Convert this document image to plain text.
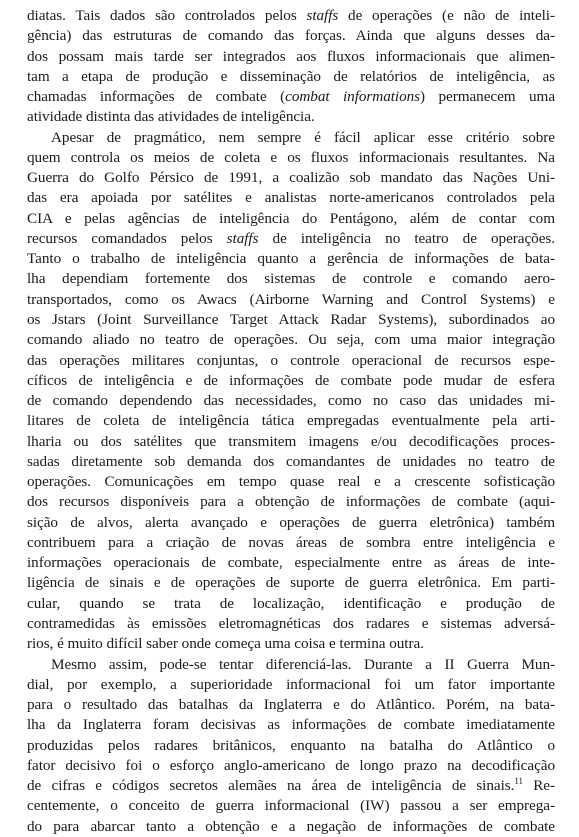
diatas. Tais dados são controlados pelos staffs de operações (e não de inteli-
gência) das estruturas de comando das forças. Ainda que alguns desses da-
dos possam mais tarde ser integrados aos fluxos informacionais que alimen-
tam a etapa de produção e disseminação de relatórios de inteligência, as
chamadas informações de combate (combat informations) permanecem uma
atividade distinta das atividades de inteligência.
Apesar de pragmático, nem sempre é fácil aplicar esse critério sobre
quem controla os meios de coleta e os fluxos informacionais resultantes. Na
Guerra do Golfo Pérsico de 1991, a coalizão sob mandato das Nações Uni-
das era apoiada por satélites e analistas norte-americanos controlados pela
CIA e pelas agências de inteligência do Pentágono, além de contar com
recursos comandados pelos staffs de inteligência no teatro de operações.
Tanto o trabalho de inteligência quanto a gerência de informações de bata-
lha dependiam fortemente dos sistemas de controle e comando aero-
transportados, como os Awacs (Airborne Warning and Control Systems) e
os Jstars (Joint Surveillance Target Attack Radar Systems), subordinados ao
comando aliado no teatro de operações. Ou seja, com uma maior integração
das operações militares conjuntas, o controle operacional de recursos espe-
cíficos de inteligência e de informações de combate pode mudar de esfera
de comando dependendo das necessidades, como no caso das unidades mi-
litares de coleta de inteligência tática empregadas eventualmente pela arti-
lharia ou dos satélites que transmitem imagens e/ou decodificações proces-
sadas diretamente sob demanda dos comandantes de unidades no teatro de
operações. Comunicações em tempo quase real e a crescente sofisticação
dos recursos disponíveis para a obtenção de informações de combate (aqui-
sição de alvos, alerta avançado e operações de guerra eletrônica) também
contribuem para a criação de novas áreas de sombra entre inteligência e
informações operacionais de combate, especialmente entre as áreas de inte-
ligência de sinais e de operações de suporte de guerra eletrônica. Em parti-
cular, quando se trata de localização, identificação e produção de
contramedidas às emissões eletromagnéticas dos radares e sistemas adversá-
rios, é muito difícil saber onde começa uma coisa e termina outra.
Mesmo assim, pode-se tentar diferenciá-las. Durante a II Guerra Mun-
dial, por exemplo, a superioridade informacional foi um fator importante
para o resultado das batalhas da Inglaterra e do Atlântico. Porém, na bata-
lha da Inglaterra foram decisivas as informações de combate imediatamente
produzidas pelos radares britânicos, enquanto na batalha do Atlântico o
fator decisivo foi o esforço anglo-americano de longo prazo na decodificação
de cifras e códigos secretos alemães na área de inteligência de sinais.$^{11}$ Re-
centemente, o conceito de guerra informacional (IW) passou a ser emprega-
do para abarcar tanto a obtenção e a negação de informações de combate
